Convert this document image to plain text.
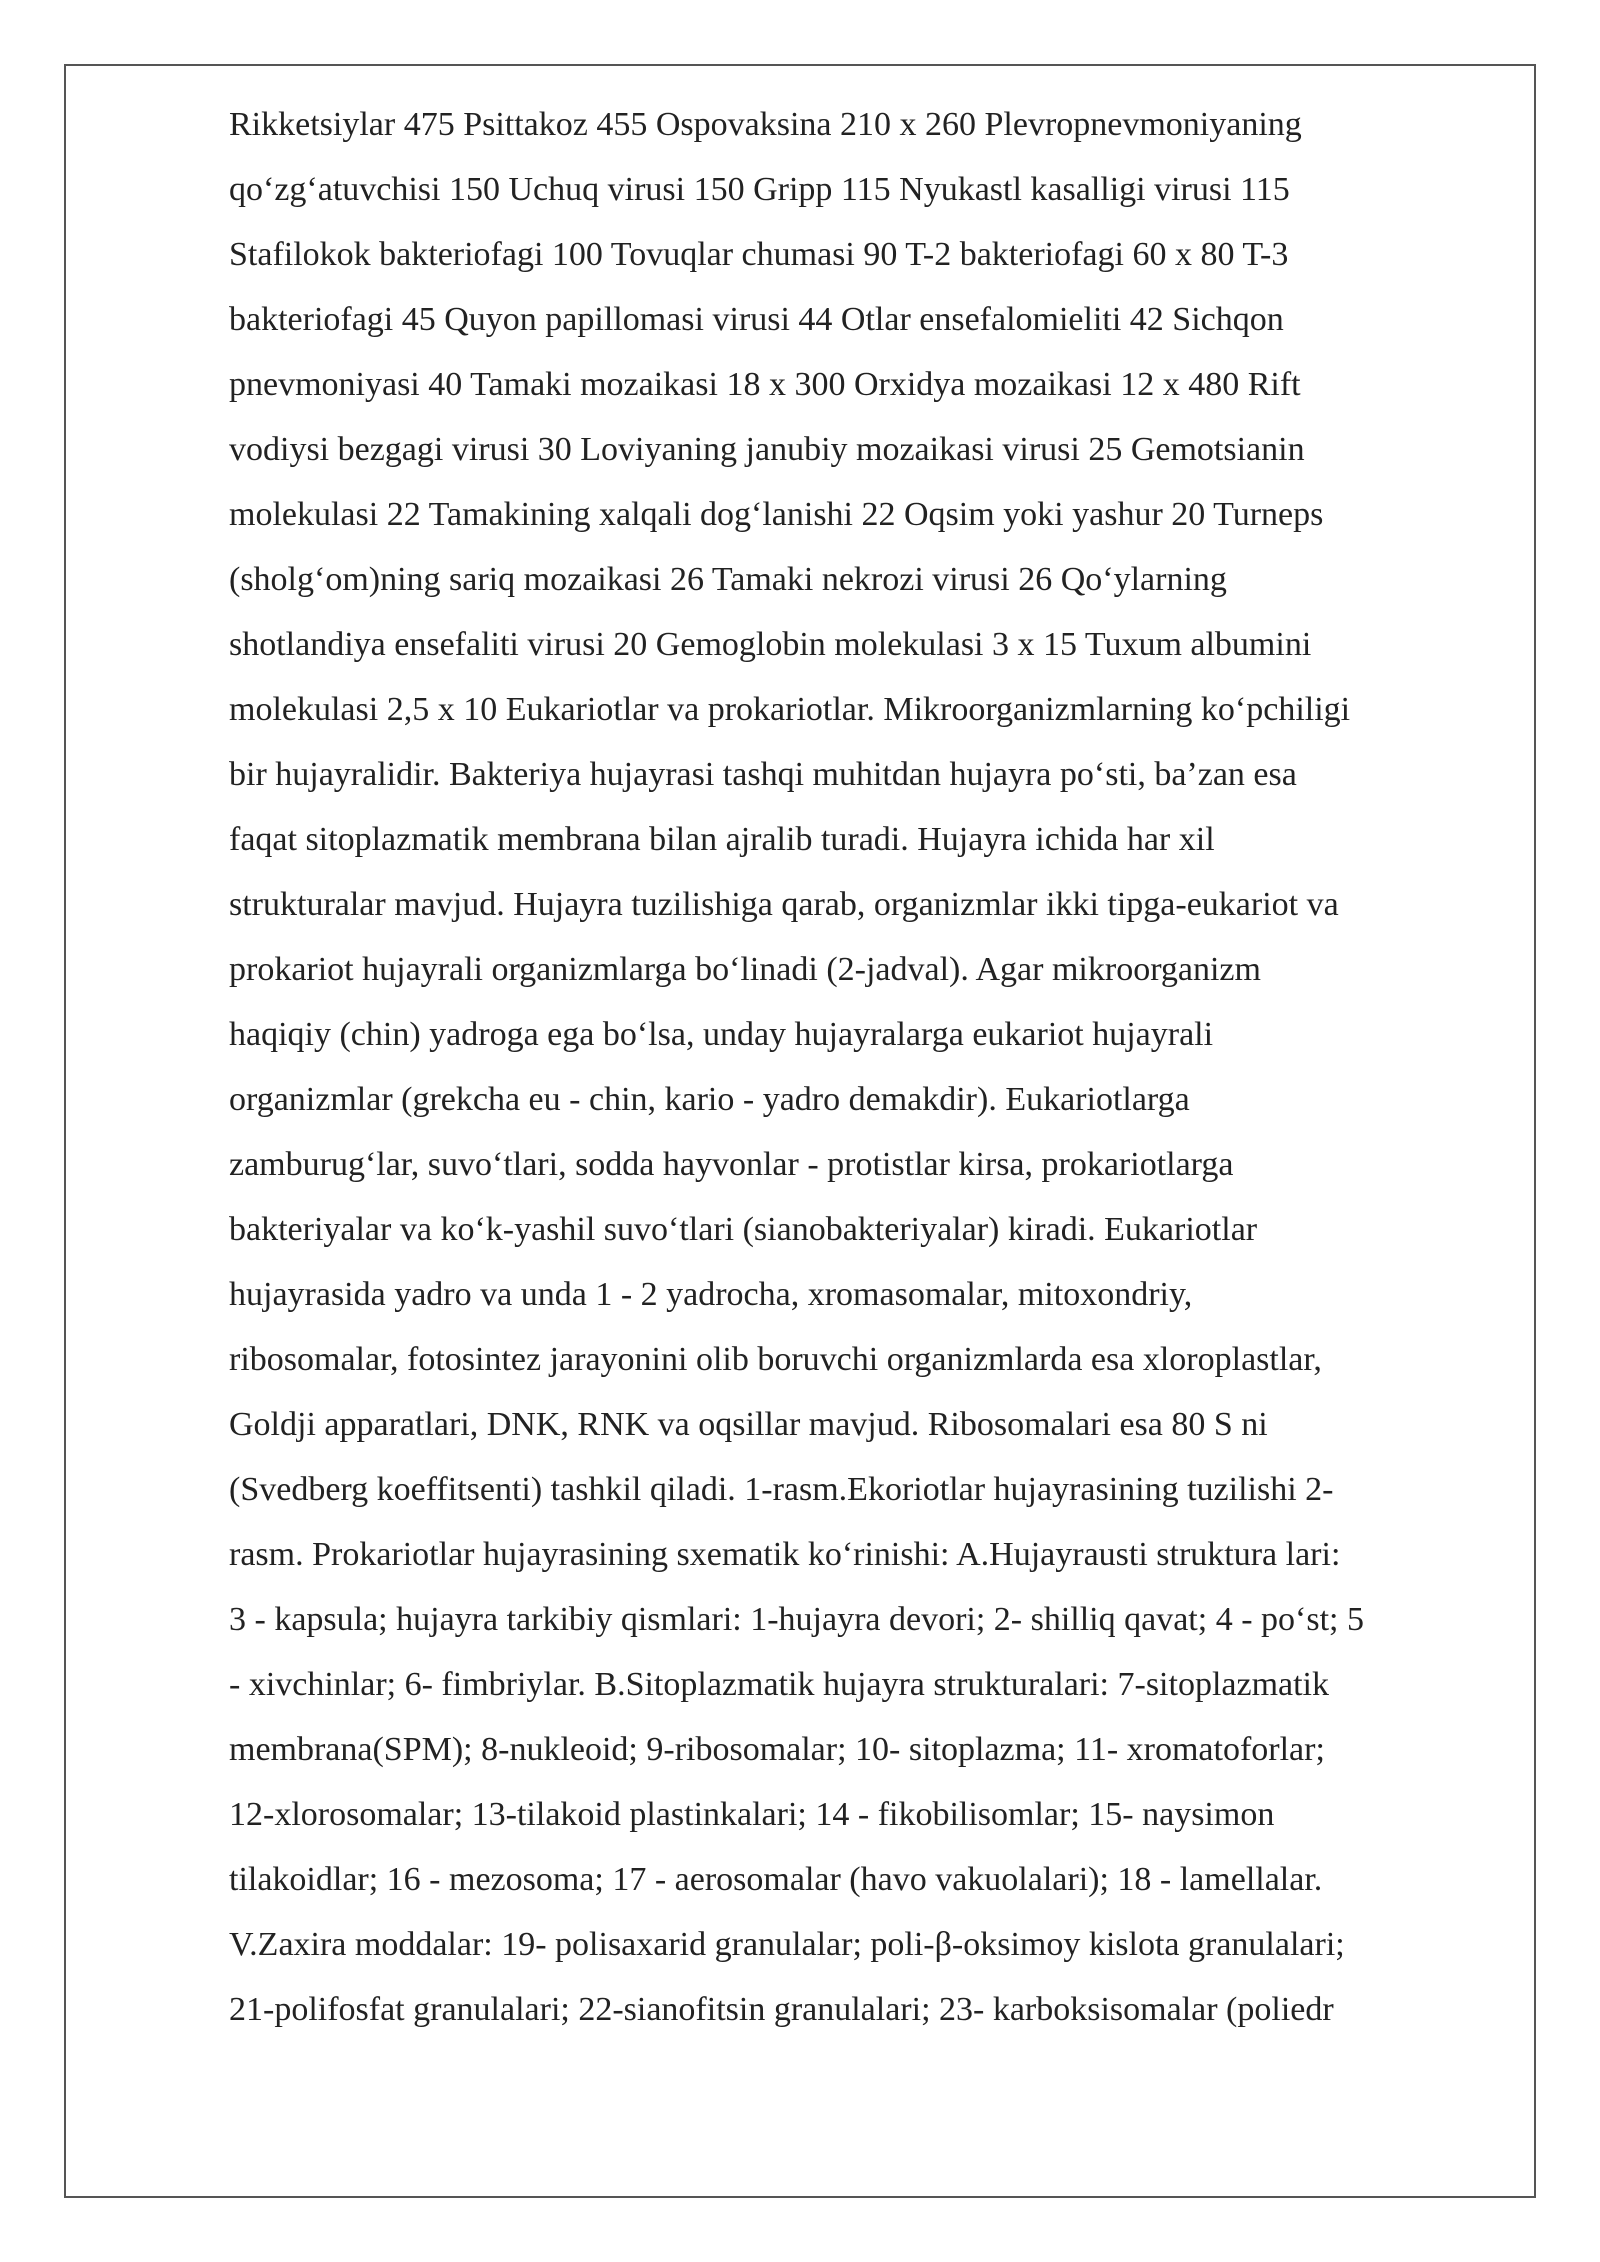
Rikketsiylar 475 Psittakoz 455 Ospovaksina 210 x 260 Plevropnevmoniyaning
qo‘zg‘atuvchisi 150 Uchuq virusi 150 Gripp 115 Nyukastl kasalligi virusi 115
Stafilokok bakteriofagi 100 Tovuqlar chumasi 90 T-2 bakteriofagi 60 x 80 T-3
bakteriofagi 45 Quyon papillomasi virusi 44 Otlar ensefalomieliti 42 Sichqon
pnevmoniyasi 40 Tamaki mozaikasi 18 x 300 Orxidya mozaikasi 12 x 480 Rift
vodiysi bezgagi virusi 30 Loviyaning janubiy mozaikasi virusi 25 Gemotsianin
molekulasi 22 Tamakining xalqali dog‘lanishi 22 Oqsim yoki yashur 20 Turneps
(sholg‘om)ning sariq mozaikasi 26 Tamaki nekrozi virusi 26 Qo‘ylarning
shotlandiya ensefaliti virusi 20 Gemoglobin molekulasi 3 x 15 Tuxum albumini
molekulasi 2,5 x 10 Eukariotlar va prokariotlar. Mikroorganizmlarning ko‘pchiligi
bir hujayralidir. Bakteriya hujayrasi tashqi muhitdan hujayra po‘sti, ba’zan esa
faqat sitoplazmatik membrana bilan ajralib turadi. Hujayra ichida har xil
strukturalar mavjud. Hujayra tuzilishiga qarab, organizmlar ikki tipga-eukariot va
prokariot hujayrali organizmlarga bo‘linadi (2-jadval). Agar mikroorganizm
haqiqiy (chin) yadroga ega bo‘lsa, unday hujayralarga eukariot hujayrali
organizmlar (grekcha eu - chin, kario - yadro demakdir). Eukariotlarga
zamburug‘lar, suvo‘tlari, sodda hayvonlar - protistlar kirsa, prokariotlarga
bakteriyalar va ko‘k-yashil suvo‘tlari (sianobakteriyalar) kiradi. Eukariotlar
hujayrasida yadro va unda 1 - 2 yadrocha, xromasomalar, mitoxondriy,
ribosomalar, fotosintez jarayonini olib boruvchi organizmlarda esa xloroplastlar,
Goldji apparatlari, DNK, RNK va oqsillar mavjud. Ribosomalari esa 80 S ni
(Svedberg koeffitsenti) tashkil qiladi. 1-rasm.Ekoriotlar hujayrasining tuzilishi 2-
rasm. Prokariotlar hujayrasining sxematik ko‘rinishi: A.Hujayrausti struktura lari:
3 - kapsula; hujayra tarkibiy qismlari: 1-hujayra devori; 2- shilliq qavat; 4 - po‘st; 5
- xivchinlar; 6- fimbriylar. B.Sitoplazmatik hujayra strukturalari: 7-sitoplazmatik
membrana(SPM); 8-nukleoid; 9-ribosomalar; 10- sitoplazma; 11- xromatoforlar;
12-xlorosomalar; 13-tilakoid plastinkalari; 14 - fikobilisomlar; 15- naysimon
tilakoidlar; 16 - mezosoma; 17 - aerosomalar (havo vakuolalari); 18 - lamellalar.
V.Zaxira moddalar: 19- polisaxarid granulalar; poli-β-oksimoy kislota granulalari;
21-polifosfat granulalari; 22-sianofitsin granulalari; 23- karboksisomalar (poliedr
